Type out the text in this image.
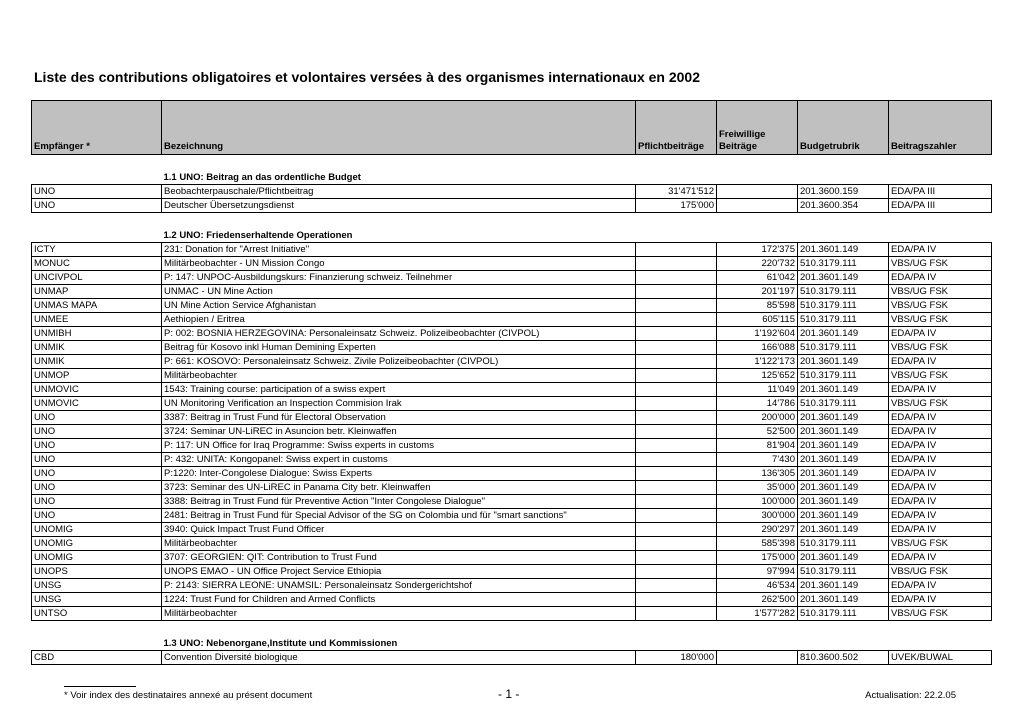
Liste des contributions obligatoires et volontaires versées à des organismes internationaux en 2002
Empfänger *	Bezeichnung	Pflichtbeiträge	Freiwillige Beiträge	Budgetrubrik	Beitragszahler

	1.1 UNO: Beitrag an das ordentliche Budget				
UNO	Beobachterpauschale/Pflichtbeitrag	31'471'512		201.3600.159	EDA/PA III
UNO	Deutscher Übersetzungsdienst	175'000		201.3600.354	EDA/PA III

	1.2 UNO: Friedenserhaltende Operationen				
ICTY	231: Donation for "Arrest Initiative"		172'375	201.3601.149	EDA/PA IV
MONUC	Militärbeobachter - UN Mission Congo		220'732	510.3179.111	VBS/UG FSK
UNCIVPOL	P: 147: UNPOC-Ausbildungskurs: Finanzierung schweiz. Teilnehmer		61'042	201.3601.149	EDA/PA IV
UNMAP	UNMAC - UN Mine Action		201'197	510.3179.111	VBS/UG FSK
UNMAS MAPA	UN Mine Action Service Afghanistan		85'598	510.3179.111	VBS/UG FSK
UNMEE	Aethiopien / Eritrea		605'115	510.3179.111	VBS/UG FSK
UNMIBH	P: 002: BOSNIA HERZEGOVINA: Personaleinsatz Schweiz. Polizeibeobachter (CIVPOL)		1'192'604	201.3601.149	EDA/PA IV
UNMIK	Beitrag für Kosovo inkl Human Demining Experten		166'088	510.3179.111	VBS/UG FSK
UNMIK	P: 661: KOSOVO: Personaleinsatz Schweiz. Zivile Polizeibeobachter (CIVPOL)		1'122'173	201.3601.149	EDA/PA IV
UNMOP	Militärbeobachter		125'652	510.3179.111	VBS/UG FSK
UNMOVIC	1543: Training course: participation of a swiss expert		11'049	201.3601.149	EDA/PA IV
UNMOVIC	UN Monitoring Verification an Inspection Commision Irak		14'786	510.3179.111	VBS/UG FSK
UNO	3387: Beitrag in Trust Fund für Electoral Observation		200'000	201.3601.149	EDA/PA IV
UNO	3724: Seminar UN-LiREC in Asuncion betr. Kleinwaffen		52'500	201.3601.149	EDA/PA IV
UNO	P: 117: UN Office for Iraq Programme: Swiss experts in customs		81'904	201.3601.149	EDA/PA IV
UNO	P: 432: UNITA: Kongopanel: Swiss expert in customs		7'430	201.3601.149	EDA/PA IV
UNO	P:1220: Inter-Congolese Dialogue: Swiss Experts		136'305	201.3601.149	EDA/PA IV
UNO	3723: Seminar des UN-LiREC in Panama City betr. Kleinwaffen		35'000	201.3601.149	EDA/PA IV
UNO	3388: Beitrag in Trust Fund für Preventive Action "Inter Congolese Dialogue"		100'000	201.3601.149	EDA/PA IV
UNO	2481: Beitrag in Trust Fund für Special Advisor of the SG on Colombia und für "smart sanctions"		300'000	201.3601.149	EDA/PA IV
UNOMIG	3940: Quick Impact Trust Fund Officer		290'297	201.3601.149	EDA/PA IV
UNOMIG	Militärbeobachter		585'398	510.3179.111	VBS/UG FSK
UNOMIG	3707: GEORGIEN: QIT: Contribution to Trust Fund		175'000	201.3601.149	EDA/PA IV
UNOPS	UNOPS EMAO - UN Office Project Service Ethiopia		97'994	510.3179.111	VBS/UG FSK
UNSG	P: 2143: SIERRA LEONE: UNAMSIL: Personaleinsatz Sondergerichtshof		46'534	201.3601.149	EDA/PA IV
UNSG	1224: Trust Fund for Children and Armed Conflicts		262'500	201.3601.149	EDA/PA IV
UNTSO	Militärbeobachter		1'577'282	510.3179.111	VBS/UG FSK

	1.3 UNO: Nebenorgane,Institute und Kommissionen				
CBD	Convention Diversité biologique	180'000		810.3600.502	UVEK/BUWAL
* Voir index des destinataires annexé au présent document	- 1 -	Actualisation: 22.2.05
